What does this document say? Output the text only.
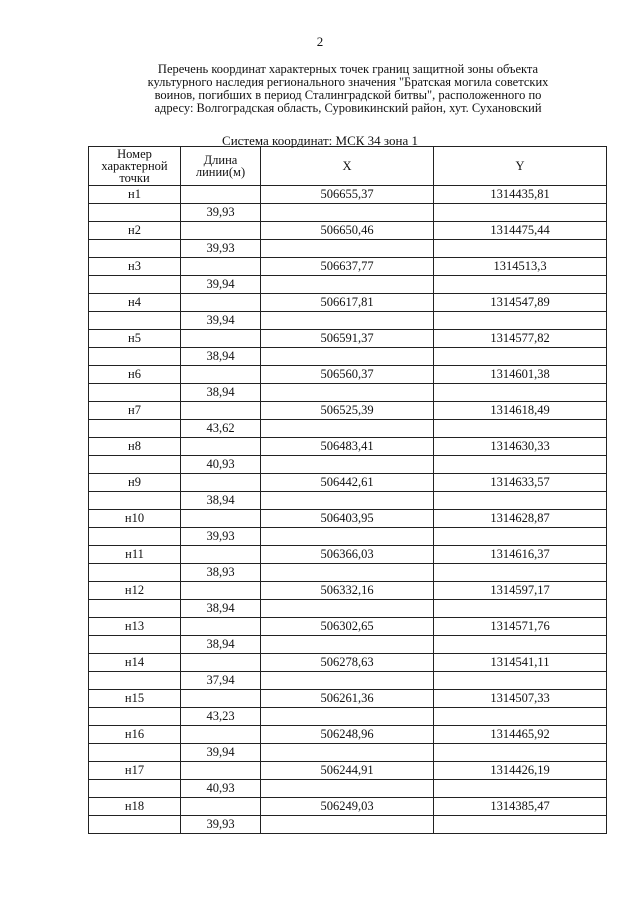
2
Перечень координат характерных точек границ защитной зоны объекта
культурного наследия регионального значения "Братская могила советских
воинов, погибших в период Сталинградской битвы", расположенного по
адресу: Волгоградская область, Суровикинский район, хут. Сухановский
Система координат: МСК 34 зона 1
Номер характерной точки	Длина линии(м)	X	Y
н1		506655,37	1314435,81
	39,93		
н2		506650,46	1314475,44
	39,93		
н3		506637,77	1314513,3
	39,94		
н4		506617,81	1314547,89
	39,94		
н5		506591,37	1314577,82
	38,94		
н6		506560,37	1314601,38
	38,94		
н7		506525,39	1314618,49
	43,62		
н8		506483,41	1314630,33
	40,93		
н9		506442,61	1314633,57
	38,94		
н10		506403,95	1314628,87
	39,93		
н11		506366,03	1314616,37
	38,93		
н12		506332,16	1314597,17
	38,94		
н13		506302,65	1314571,76
	38,94		
н14		506278,63	1314541,11
	37,94		
н15		506261,36	1314507,33
	43,23		
н16		506248,96	1314465,92
	39,94		
н17		506244,91	1314426,19
	40,93		
н18		506249,03	1314385,47
	39,93		
